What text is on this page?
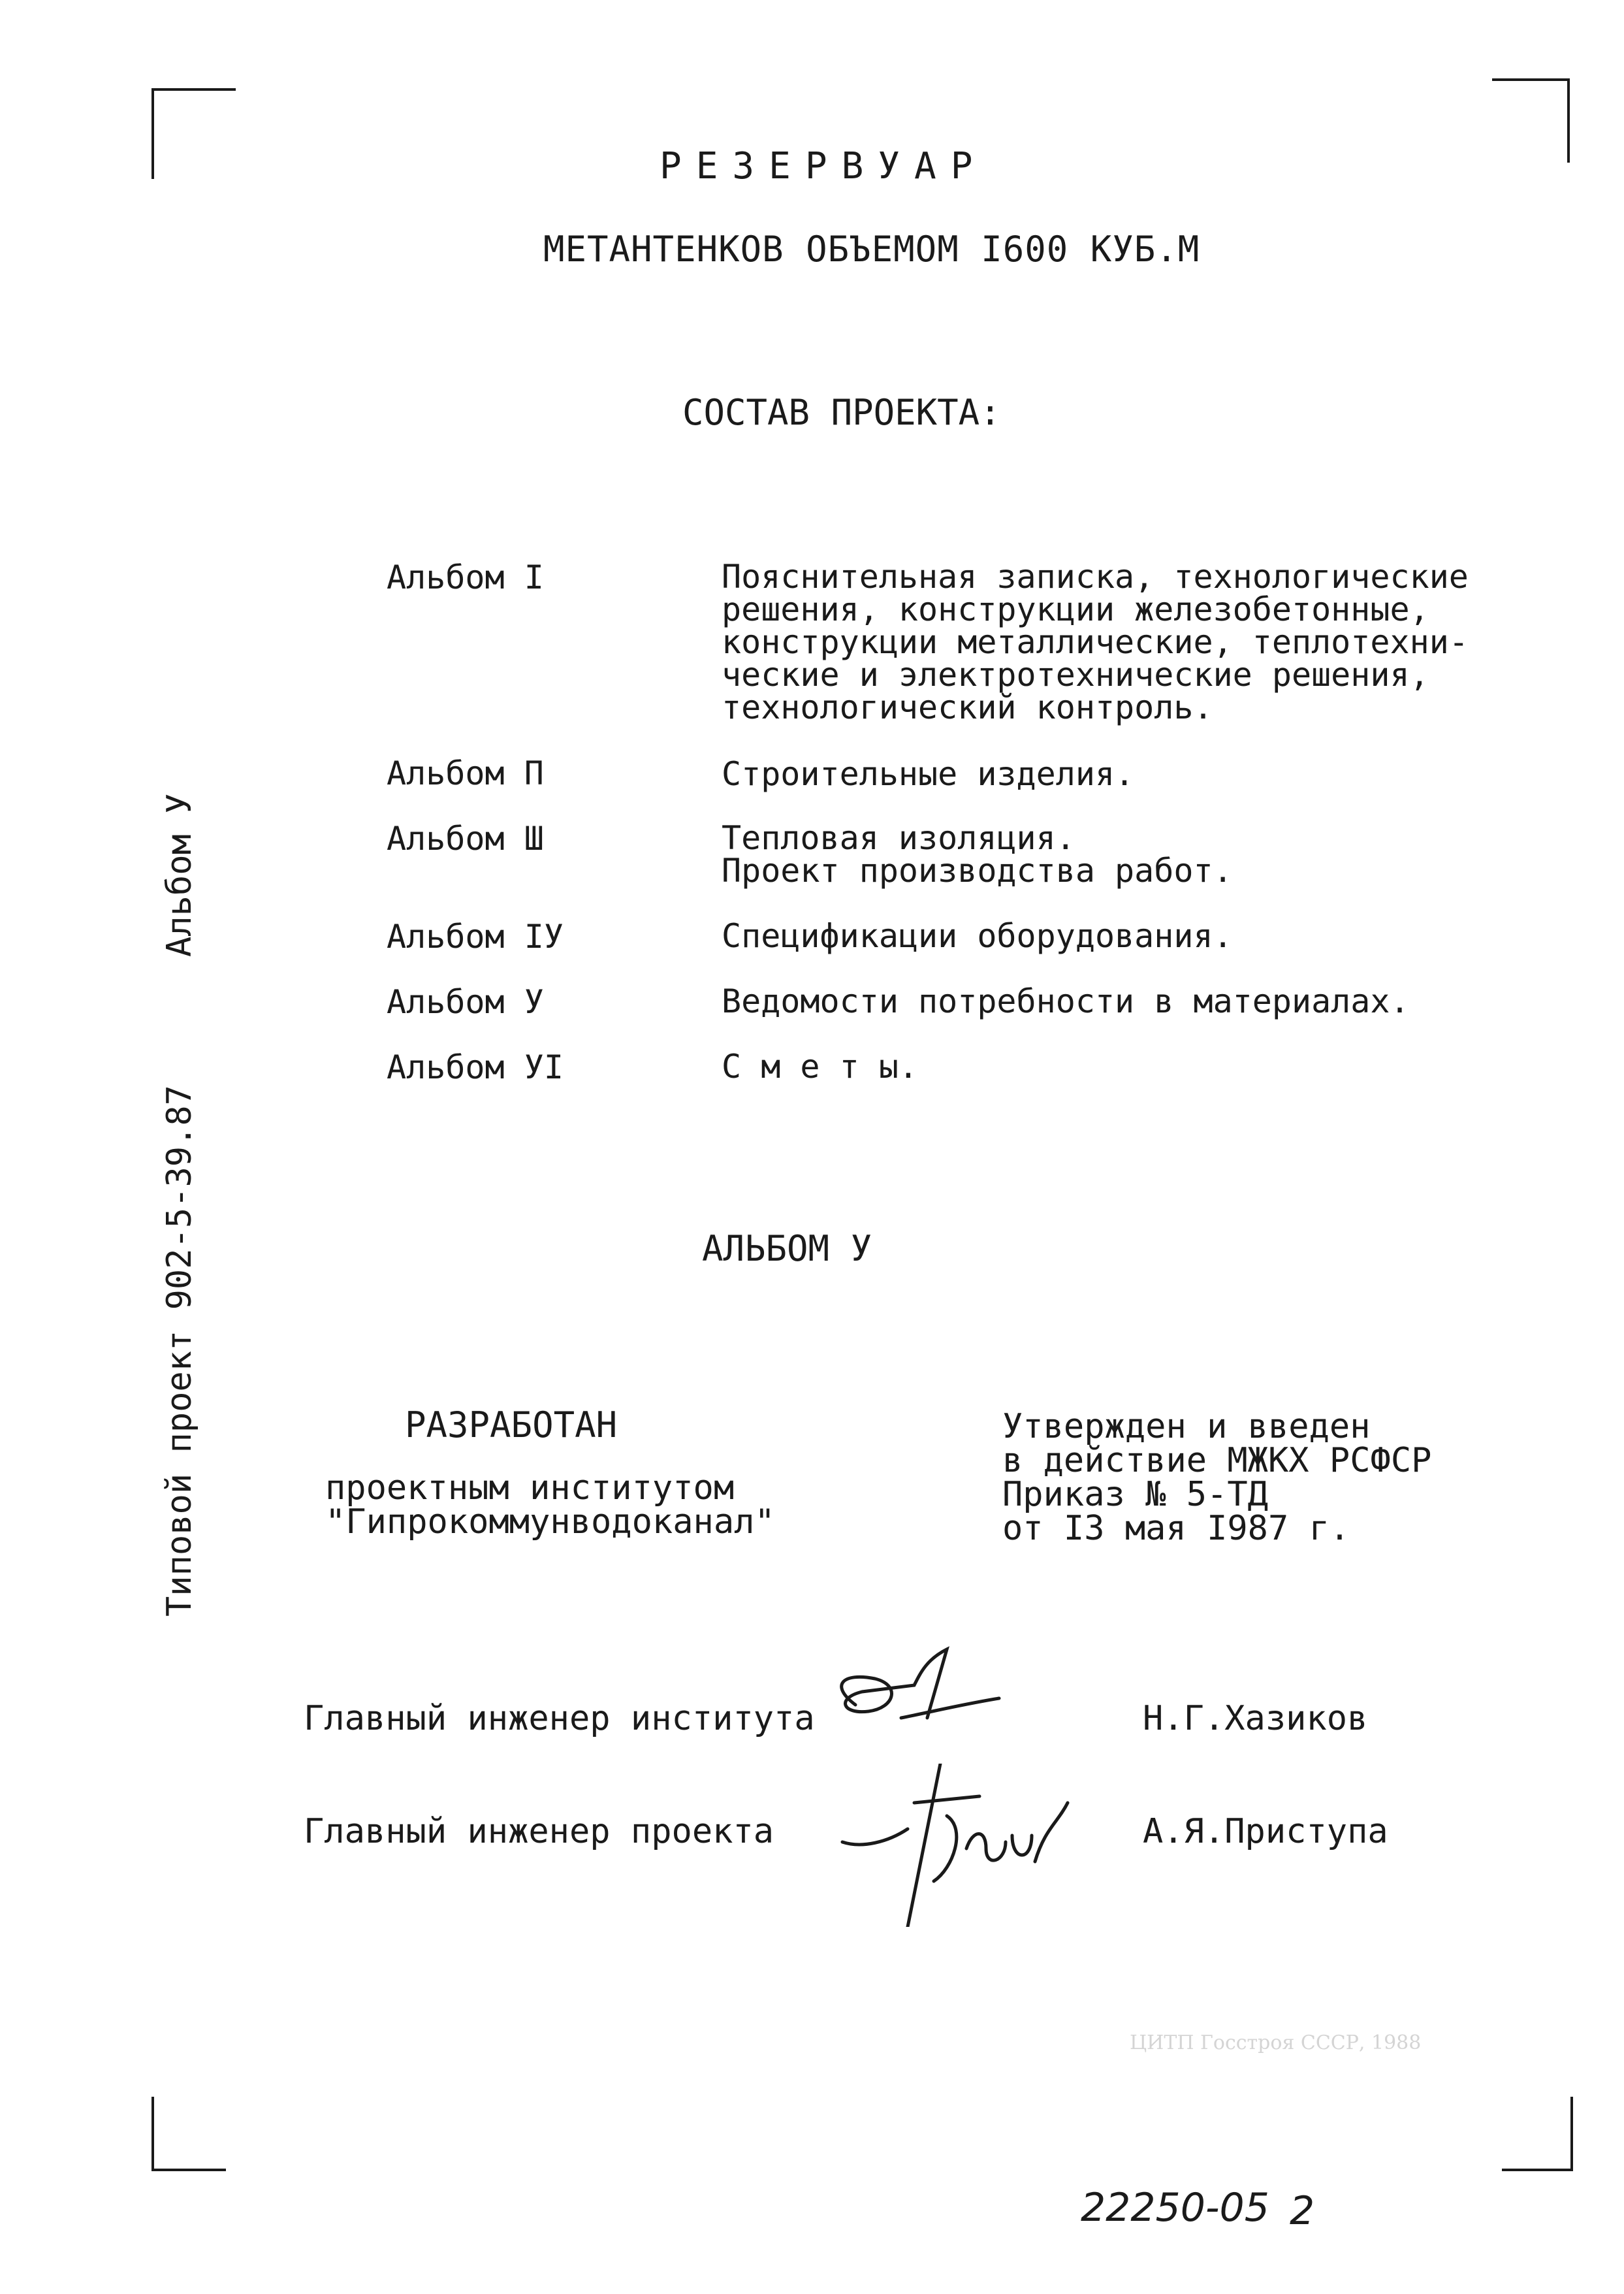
РЕЗЕРВУАР
МЕТАНТЕНКОВ ОБЪЕМОМ I600 КУБ.М
СОСТАВ ПРОЕКТА:
Альбом I	Пояснительная записка, технологические
решения, конструкции железобетонные,
конструкции металлические, теплотехни-
ческие и электротехнические решения,
технологический контроль.
Альбом П	Строительные изделия.
Альбом Ш	Тепловая изоляция.
Проект производства работ.
Альбом IУ	Спецификации оборудования.
Альбом У	Ведомости потребности в материалах.
Альбом УI	С м е т ы.
АЛЬБОМ У
РАЗРАБОТАН
проектным институтом
"Гипрокоммунводоканал"
Утвержден и введен
в действие МЖКХ РСФСР
Приказ № 5-ТД
от I3 мая I987 г.
Главный инженер института	Н.Г.Хазиков
Главный инженер проекта	А.Я.Приступа
Типовой проект 902-5-39.87
Альбом У
ЦИТП Госстроя СССР, 1988
22250-05 2
